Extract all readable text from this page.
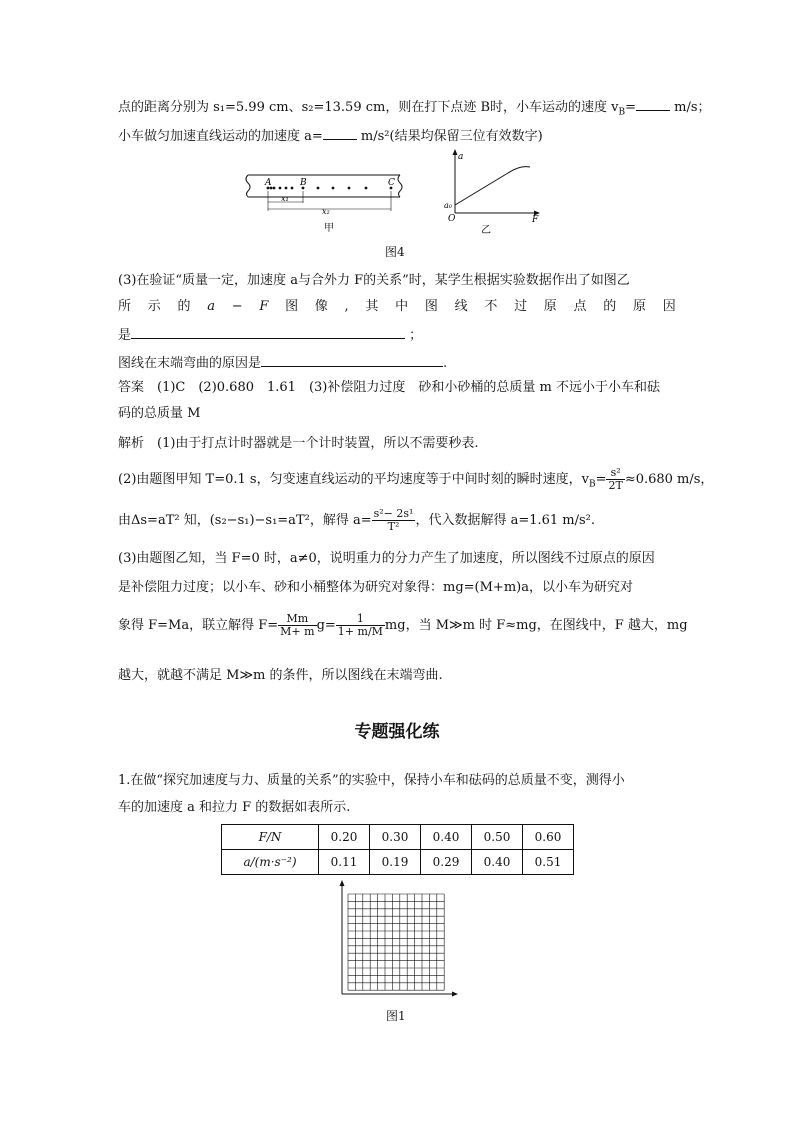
点的距离分别为 s₁=5.99 cm、s₂=13.59 cm，则在打下点迹 B时，小车运动的速度 $v_B=$	m/s；
小车做匀加速直线运动的加速度 a=	m/s²(结果均保留三位有效数字)
A	B	C
x₁
x₂
甲
a
a₀
O	F
乙
图4
(3)在验证“质量一定，加速度 a与合外力 F的关系”时，某学生根据实验数据作出了如图乙
所 示 的 a − F 图 像 , 其 中 图 线 不 过 原 点 的 原 因
是	；
图线在末端弯曲的原因是	.
答案　(1)C　(2)0.680　1.61　(3)补偿阻力过度　砂和小砂桶的总质量 m 不远小于小车和砝
码的总质量 M
解析　(1)由于打点计时器就是一个计时装置，所以不需要秒表.
(2)由题图甲知 T=0.1 s，匀变速直线运动的平均速度等于中间时刻的瞬时速度，$v_B= \frac{\text{s²}}{2T} \approx 0.680$ m/s，
由Δs=aT² 知，(s₂−s₁)−s₁=aT²，解得 $a= \frac{\text{s²− 2s¹}}{\text{T²}}$ ，代入数据解得 a=1.61 m/s².
(3)由题图乙知，当 F=0 时，a≠0，说明重力的分力产生了加速度，所以图线不过原点的原因
是补偿阻力过度；以小车、砂和小桶整体为研究对象得：mg=(M+m)a，以小车为研究对
象得 F=Ma，联立解得 $F= \frac{Mm}{M+ m} g= \frac{1}{1+ m/M}$ mg，当 M≫m 时 F≈mg，在图线中，F 越大，mg
越大，就越不满足 M≫m 的条件，所以图线在末端弯曲.
专题强化练
1.在做“探究加速度与力、质量的关系”的实验中，保持小车和砝码的总质量不变，测得小
车的加速度 a 和拉力 F 的数据如表所示.
F/N	0.20	0.30	0.40	0.50	0.60
a/(m·s⁻²)	0.11	0.19	0.29	0.40	0.51
图1
